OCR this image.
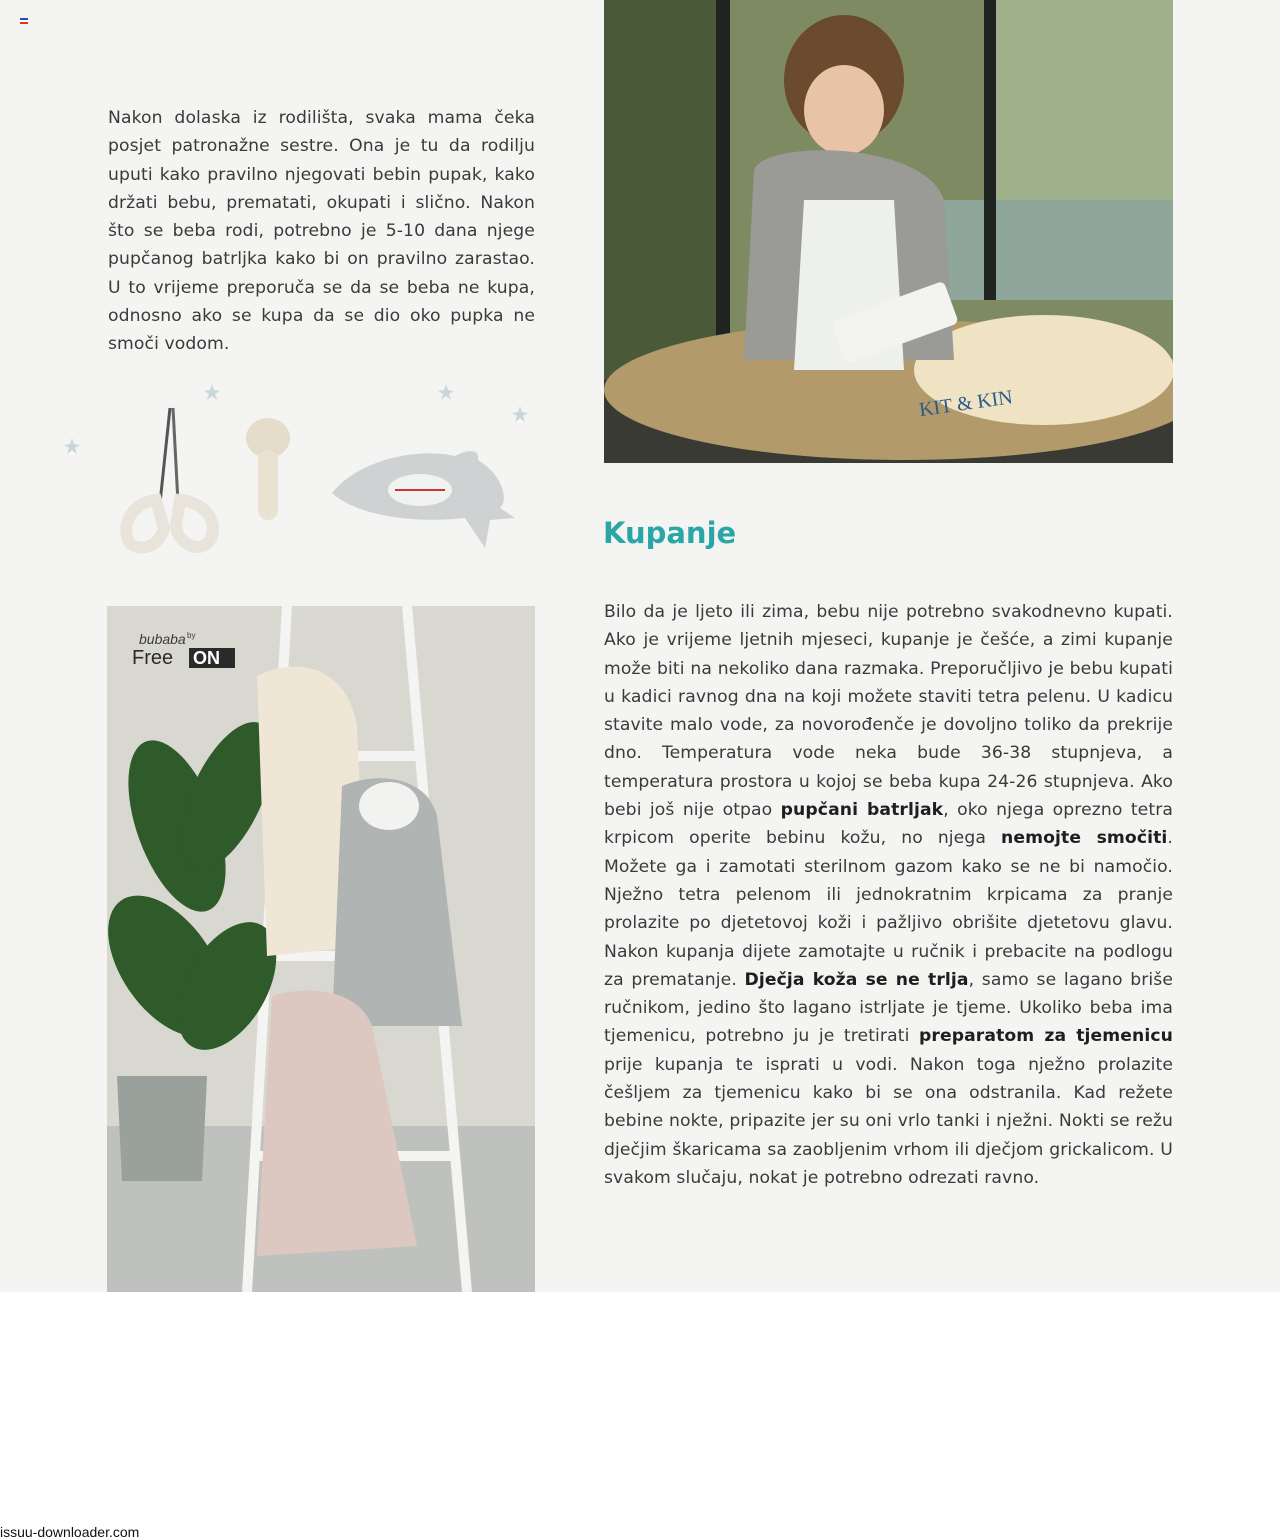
Nakon dolaska iz rodilišta, svaka mama čeka posjet patronažne sestre. Ona je tu da rodilju uputi kako pravilno njegovati bebin pupak, kako držati bebu, prematati, okupati i slično. Nakon što se beba rodi, potrebno je 5-10 dana njege pupčanog batrljka kako bi on pravilno zarastao. U to vrijeme preporuča se da se beba ne kupa, odnosno ako se kupa da se dio oko pupka ne smoči vodom.

KIT & KIN
Kupanje

Bilo da je ljeto ili zima, bebu nije potrebno svakodnevno kupati. Ako je vrijeme ljetnih mjeseci, kupanje je češće, a zimi kupanje može biti na nekoliko dana razmaka. Preporučljivo je bebu kupati u kadici ravnog dna na koji možete staviti tetra pelenu. U kadicu stavite malo vode, za novorođenče je dovoljno toliko da prekrije dno. Temperatura vode neka bude 36-38 stupnjeva, a temperatura prostora u kojoj se beba kupa 24-26 stupnjeva. Ako bebi još nije otpao pupčani batrljak, oko njega oprezno tetra krpicom operite bebinu kožu, no njega nemojte smočiti. Možete ga i zamotati sterilnom gazom kako se ne bi namočio. Nježno tetra pelenom ili jednokratnim krpicama za pranje prolazite po djetetovoj koži i pažljivo obrišite djetetovu glavu. Nakon kupanja dijete zamotajte u ručnik i prebacite na podlogu za prematanje. Dječja koža se ne trlja, samo se lagano briše ručnikom, jedino što lagano istrljate je tjeme. Ukoliko beba ima tjemenicu, potrebno ju je tretirati preparatom za tjemenicu prije kupanja te isprati u vodi. Nakon toga nježno prolazite češljem za tjemenicu kako bi se ona odstranila. Kad režete bebine nokte, pripazite jer su oni vrlo tanki i nježni. Nokti se režu dječjim škaricama sa zaobljenim vrhom ili dječjom grickalicom. U svakom slučaju, nokat je potrebno odrezati ravno.

bubaba by
Free ON
issuu-downloader.com
